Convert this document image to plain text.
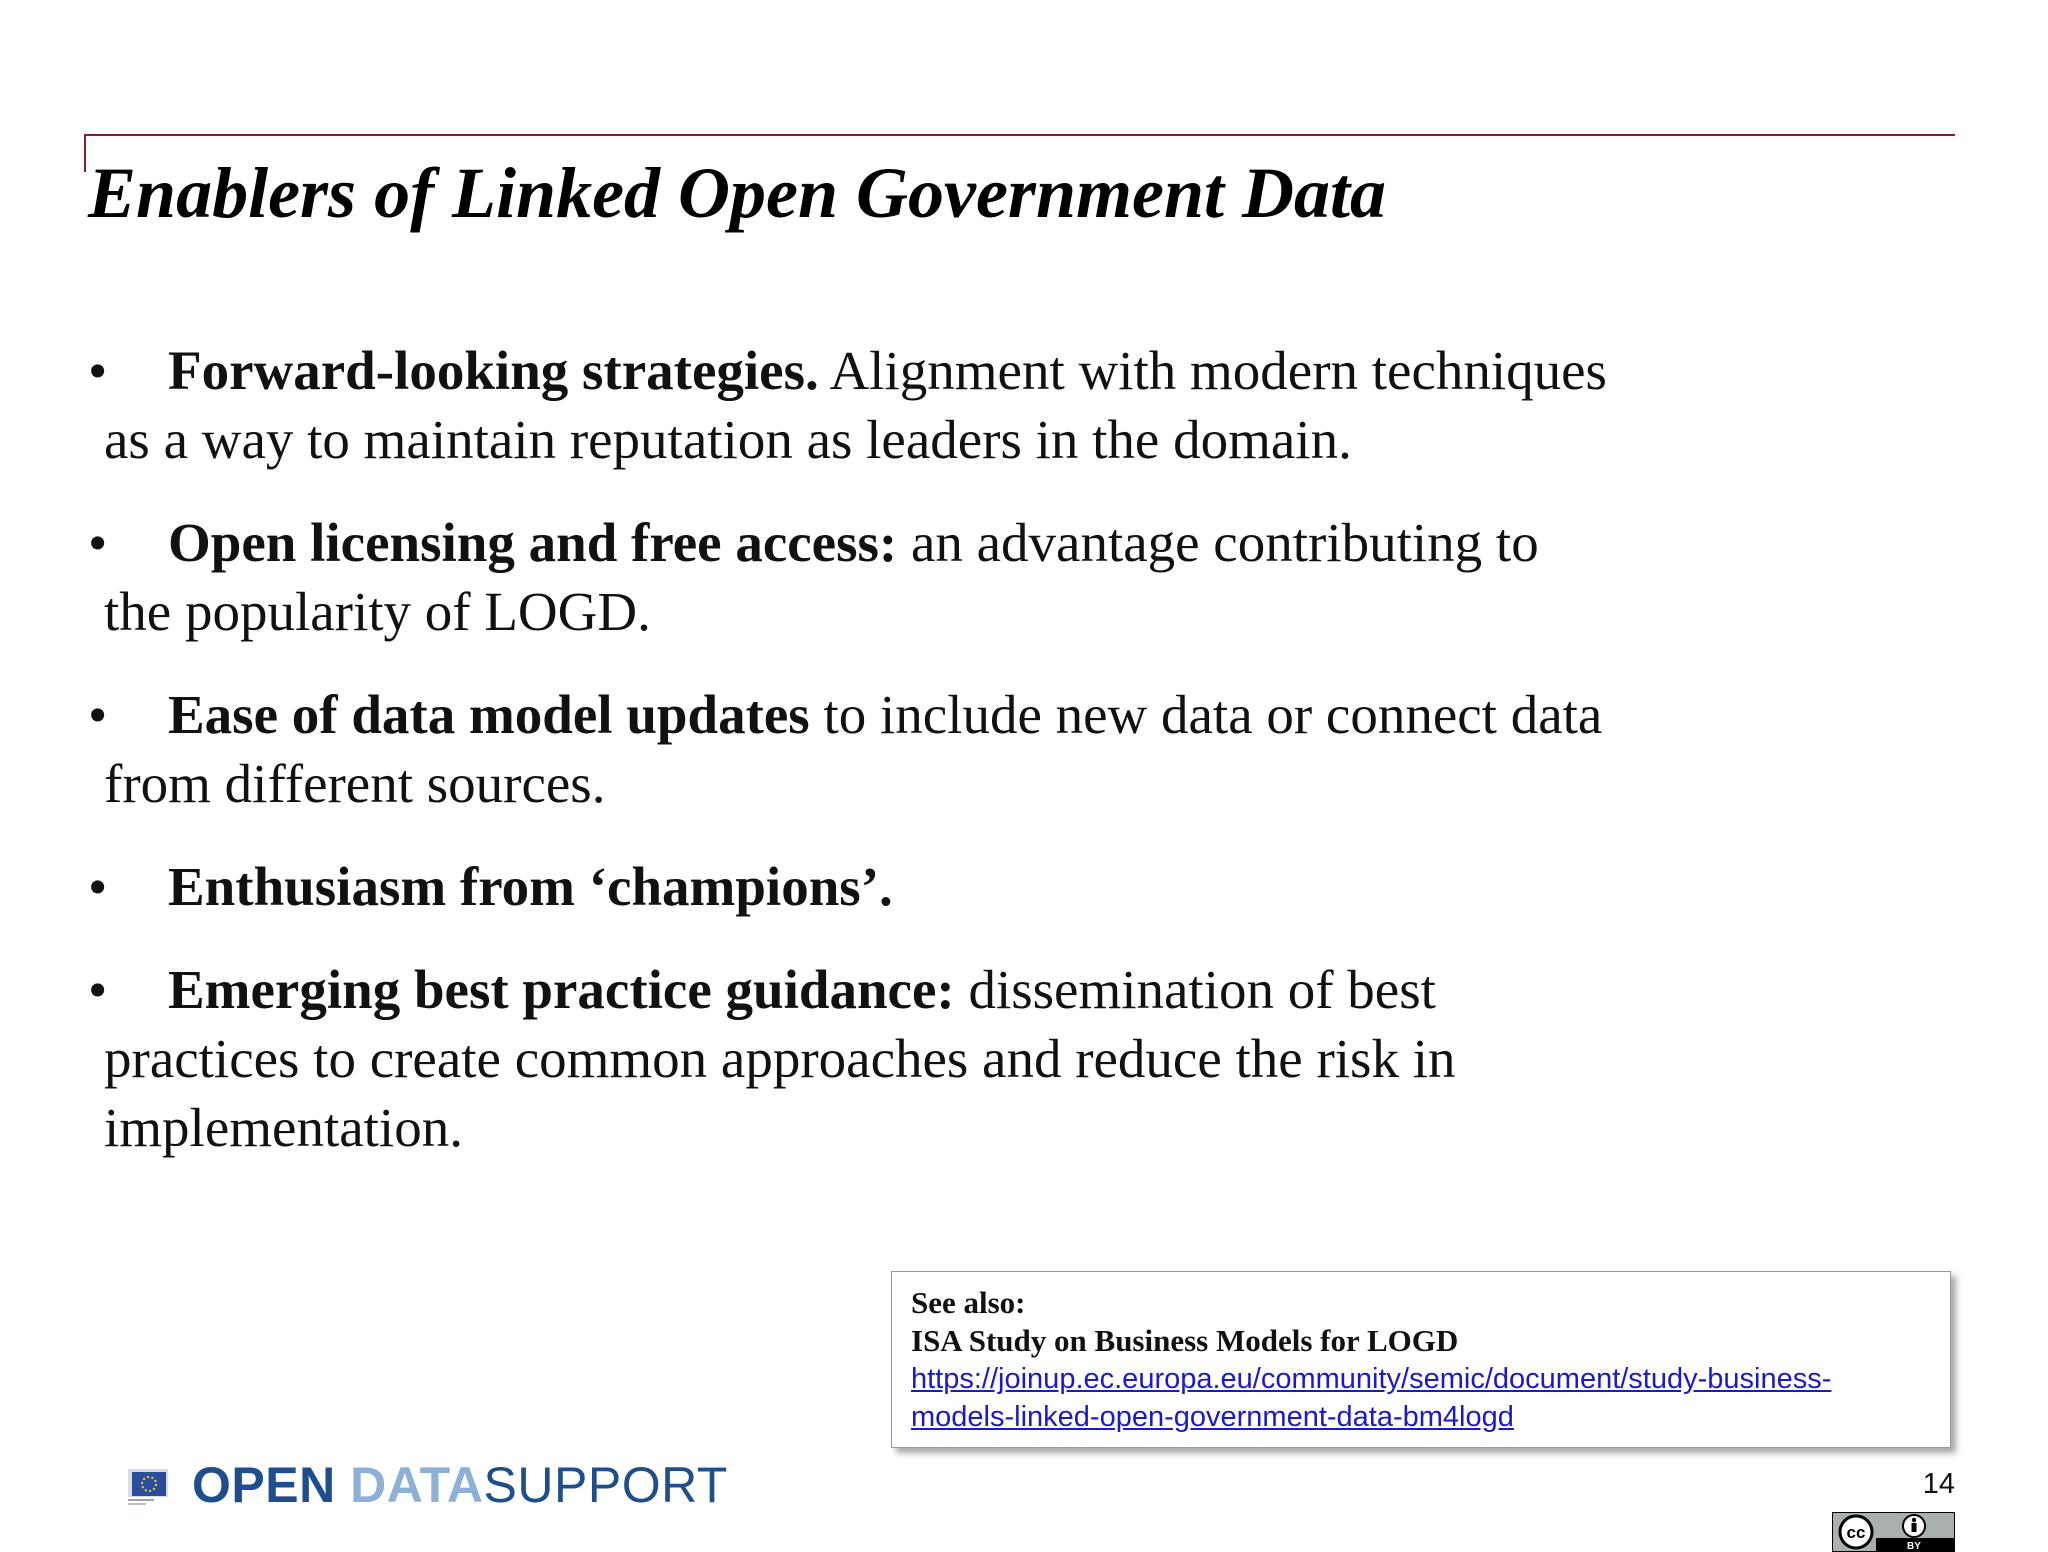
Enablers of Linked Open Government Data
• Forward-looking strategies. Alignment with modern techniques
as a way to maintain reputation as leaders in the domain.
• Open licensing and free access: an advantage contributing to
the popularity of LOGD.
• Ease of data model updates to include new data or connect data
from different sources.
• Enthusiasm from ‘champions’.
• Emerging best practice guidance: dissemination of best
practices to create common approaches and reduce the risk in
implementation.
See also:
ISA Study on Business Models for LOGD
https://joinup.ec.europa.eu/community/semic/document/study-business-
models-linked-open-government-data-bm4logd
OPEN DATASUPPORT	14
cc
BY
